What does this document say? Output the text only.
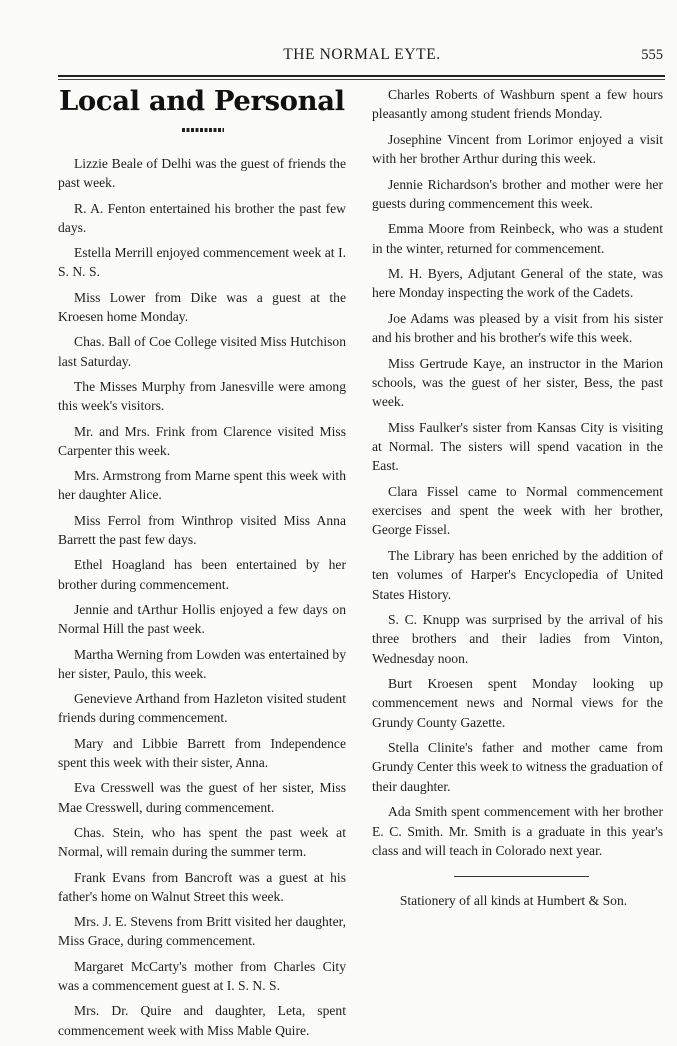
THE NORMAL EYTE.	555
Local and Personal

Lizzie Beale of Delhi was the guest of friends the past week.

R. A. Fenton entertained his brother the past few days.

Estella Merrill enjoyed commencement week at I. S. N. S.

Miss Lower from Dike was a guest at the Kroesen home Monday.

Chas. Ball of Coe College visited Miss Hutchison last Saturday.

The Misses Murphy from Janesville were among this week's visitors.

Mr. and Mrs. Frink from Clarence visited Miss Carpenter this week.

Mrs. Armstrong from Marne spent this week with her daughter Alice.

Miss Ferrol from Winthrop visited Miss Anna Barrett the past few days.

Ethel Hoagland has been entertained by her brother during commencement.

Jennie and tArthur Hollis enjoyed a few days on Normal Hill the past week.

Martha Werning from Lowden was entertained by her sister, Paulo, this week.

Genevieve Arthand from Hazleton visited student friends during commencement.

Mary and Libbie Barrett from Independence spent this week with their sister, Anna.

Eva Cresswell was the guest of her sister, Miss Mae Cresswell, during commencement.

Chas. Stein, who has spent the past week at Normal, will remain during the summer term.

Frank Evans from Bancroft was a guest at his father's home on Walnut Street this week.

Mrs. J. E. Stevens from Britt visited her daughter, Miss Grace, during commencement.

Margaret McCarty's mother from Charles City was a commencement guest at I. S. N. S.

Mrs. Dr. Quire and daughter, Leta, spent commencement week with Miss Mable Quire.

Charles Roberts of Washburn spent a few hours pleasantly among student friends Monday.

Josephine Vincent from Lorimor enjoyed a visit with her brother Arthur during this week.

Jennie Richardson's brother and mother were her guests during commencement this week.

Emma Moore from Reinbeck, who was a student in the winter, returned for commencement.

M. H. Byers, Adjutant General of the state, was here Monday inspecting the work of the Cadets.

Joe Adams was pleased by a visit from his sister and his brother and his brother's wife this week.

Miss Gertrude Kaye, an instructor in the Marion schools, was the guest of her sister, Bess, the past week.

Miss Faulker's sister from Kansas City is visiting at Normal. The sisters will spend vacation in the East.

Clara Fissel came to Normal commencement exercises and spent the week with her brother, George Fissel.

The Library has been enriched by the addition of ten volumes of Harper's Encyclopedia of United States History.

S. C. Knupp was surprised by the arrival of his three brothers and their ladies from Vinton, Wednesday noon.

Burt Kroesen spent Monday looking up commencement news and Normal views for the Grundy County Gazette.

Stella Clinite's father and mother came from Grundy Center this week to witness the graduation of their daughter.

Ada Smith spent commencement with her brother E. C. Smith. Mr. Smith is a graduate in this year's class and will teach in Colorado next year.

Stationery of all kinds at Humbert & Son.
